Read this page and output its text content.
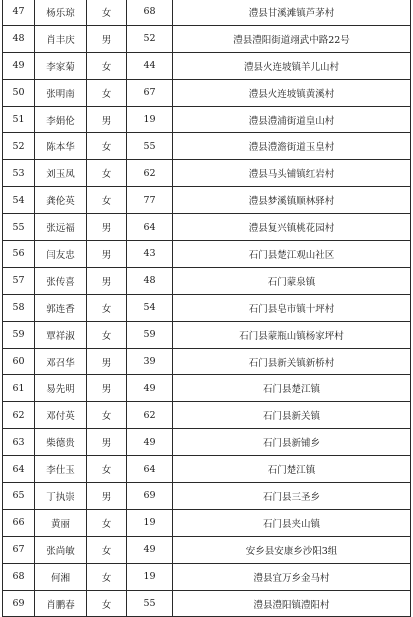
47	杨乐琼	女	68	澧县甘溪滩镇芦茅村
48	肖丰庆	男	52	澧县澧阳街道翊武中路22号
49	李家菊	女	44	澧县火连坡镇羊儿山村
50	张明南	女	67	澧县火连坡镇黄溪村
51	李娟伦	男	19	澧县澧浦街道皇山村
52	陈本华	女	55	澧县澧澹街道玉皇村
53	刘玉凤	女	62	澧县马头铺镇红岩村
54	龚伦英	女	77	澧县梦溪镇顺林驿村
55	张远福	男	64	澧县复兴镇桃花园村
56	闫友忠	男	43	石门县楚江观山社区
57	张传喜	男	48	石门蒙泉镇
58	郭连香	女	54	石门县皂市镇十坪村
59	覃祥淑	女	59	石门县蒙瓶山镇杨家坪村
60	邓召华	男	39	石门县新关镇新桥村
61	易先明	男	49	石门县楚江镇
62	邓付英	女	62	石门县新关镇
63	柴德贵	男	49	石门县新铺乡
64	李仕玉	女	64	石门楚江镇
65	丁执崇	男	69	石门县三圣乡
66	黄丽	女	19	石门县夹山镇
67	张尚敏	女	49	安乡县安康乡沙阳3组
68	何湘	女	19	澧县宜万乡金马村
69	肖鹏春	女	55	澧县澧阳镇澧阳村
